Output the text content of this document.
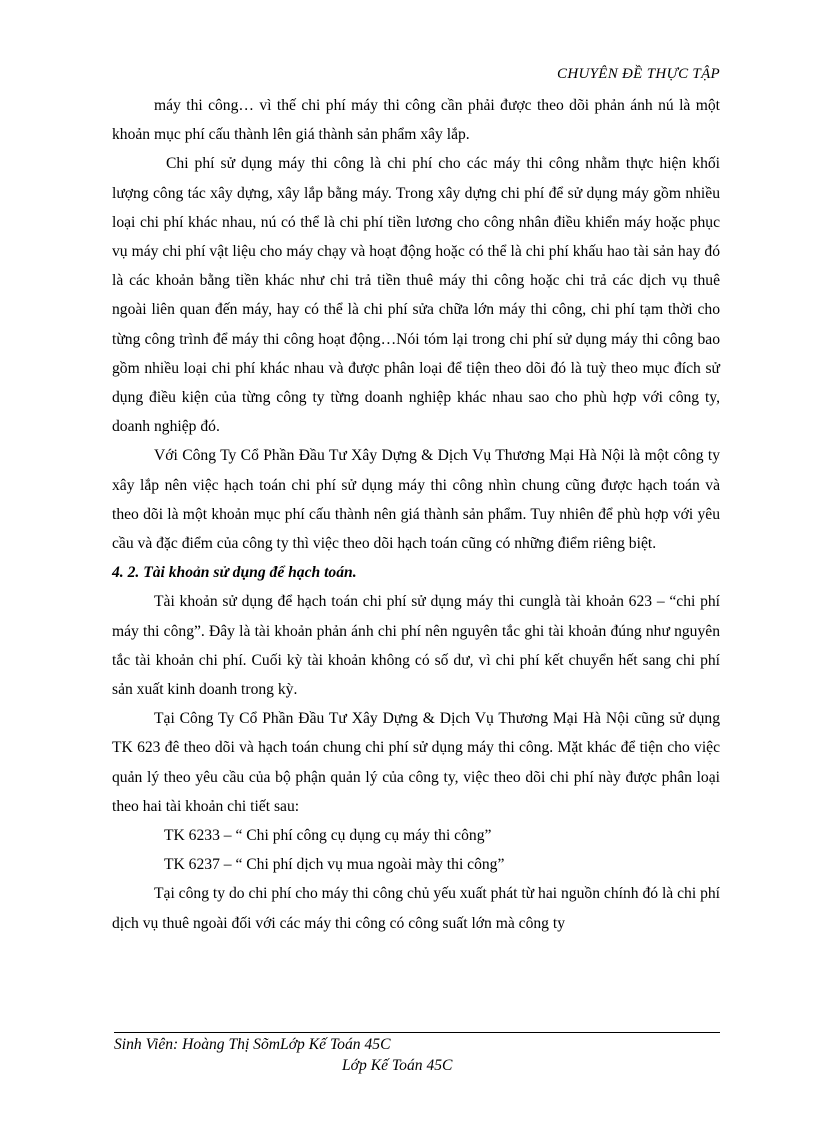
CHUYÊN ĐỀ THỰC TẬP

máy thi công… vì thế chi phí máy thi công cần phải được theo dõi phản ánh nú là một khoản mục phí cấu thành lên giá thành sản phẩm xây lắp.

Chi phí sử dụng máy thi công là chi phí cho các máy thi công nhằm thực hiện khối lượng công tác xây dựng, xây lắp bằng máy. Trong xây dựng chi phí để sử dụng máy gồm nhiều loại chi phí khác nhau, nú có thể là chi phí tiền lương cho công nhân điều khiển máy hoặc phục vụ máy chi phí vật liệu cho máy chạy và hoạt động hoặc có thể là chi phí khấu hao tài sản hay đó là các khoản bằng tiền khác như chi trả tiền thuê máy thi công hoặc chi trả các dịch vụ thuê ngoài liên quan đến máy, hay có thể là chi phí sửa chữa lớn máy thi công, chi phí tạm thời cho từng công trình để máy thi công hoạt động…Nói tóm lại trong chi phí sử dụng máy thi công bao gồm nhiều loại chi phí khác nhau và được phân loại để tiện theo dõi đó là tuỳ theo mục đích sử dụng điều kiện của từng công ty từng doanh nghiệp khác nhau sao cho phù hợp với công ty, doanh nghiệp đó.

Với Công Ty Cổ Phần Đầu Tư Xây Dựng & Dịch Vụ Thương Mại Hà Nội là một công ty xây lắp nên việc hạch toán chi phí sử dụng máy thi công nhìn chung cũng được hạch toán và theo dõi là một khoản mục phí cấu thành nên giá thành sản phẩm. Tuy nhiên để phù hợp với yêu cầu và đặc điểm của công ty thì việc theo dõi hạch toán cũng có những điểm riêng biệt.

4. 2. Tài khoản sử dụng để hạch toán.

Tài khoản sử dụng để hạch toán chi phí sử dụng máy thi cunglà tài khoản 623 – “chi phí máy thi công”. Đây là tài khoản phản ánh chi phí nên nguyên tắc ghi tài khoản đúng như nguyên tắc tài khoản chi phí. Cuối kỳ tài khoản không có số dư, vì chi phí kết chuyển hết sang chi phí sản xuất kinh doanh trong kỳ.

Tại Công Ty Cổ Phần Đầu Tư Xây Dựng & Dịch Vụ Thương Mại Hà Nội cũng sử dụng TK 623 đê theo dõi và hạch toán chung chi phí sử dụng máy thi công. Mặt khác để tiện cho việc quản lý theo yêu cầu của bộ phận quản lý của công ty, việc theo dõi chi phí này được phân loại theo hai tài khoản chi tiết sau:

TK 6233 – “ Chi phí công cụ dụng cụ máy thi công”

TK 6237 – “ Chi phí dịch vụ mua ngoài mày thi công”

Tại công ty do chi phí cho máy thi công chủ yếu xuất phát từ hai nguồn chính đó là chi phí dịch vụ thuê ngoài đối với các máy thi công có công suất lớn mà công ty

Sinh Viên: Hoàng Thị SõmLớp Kế Toán 45C
Lớp Kế Toán 45C
